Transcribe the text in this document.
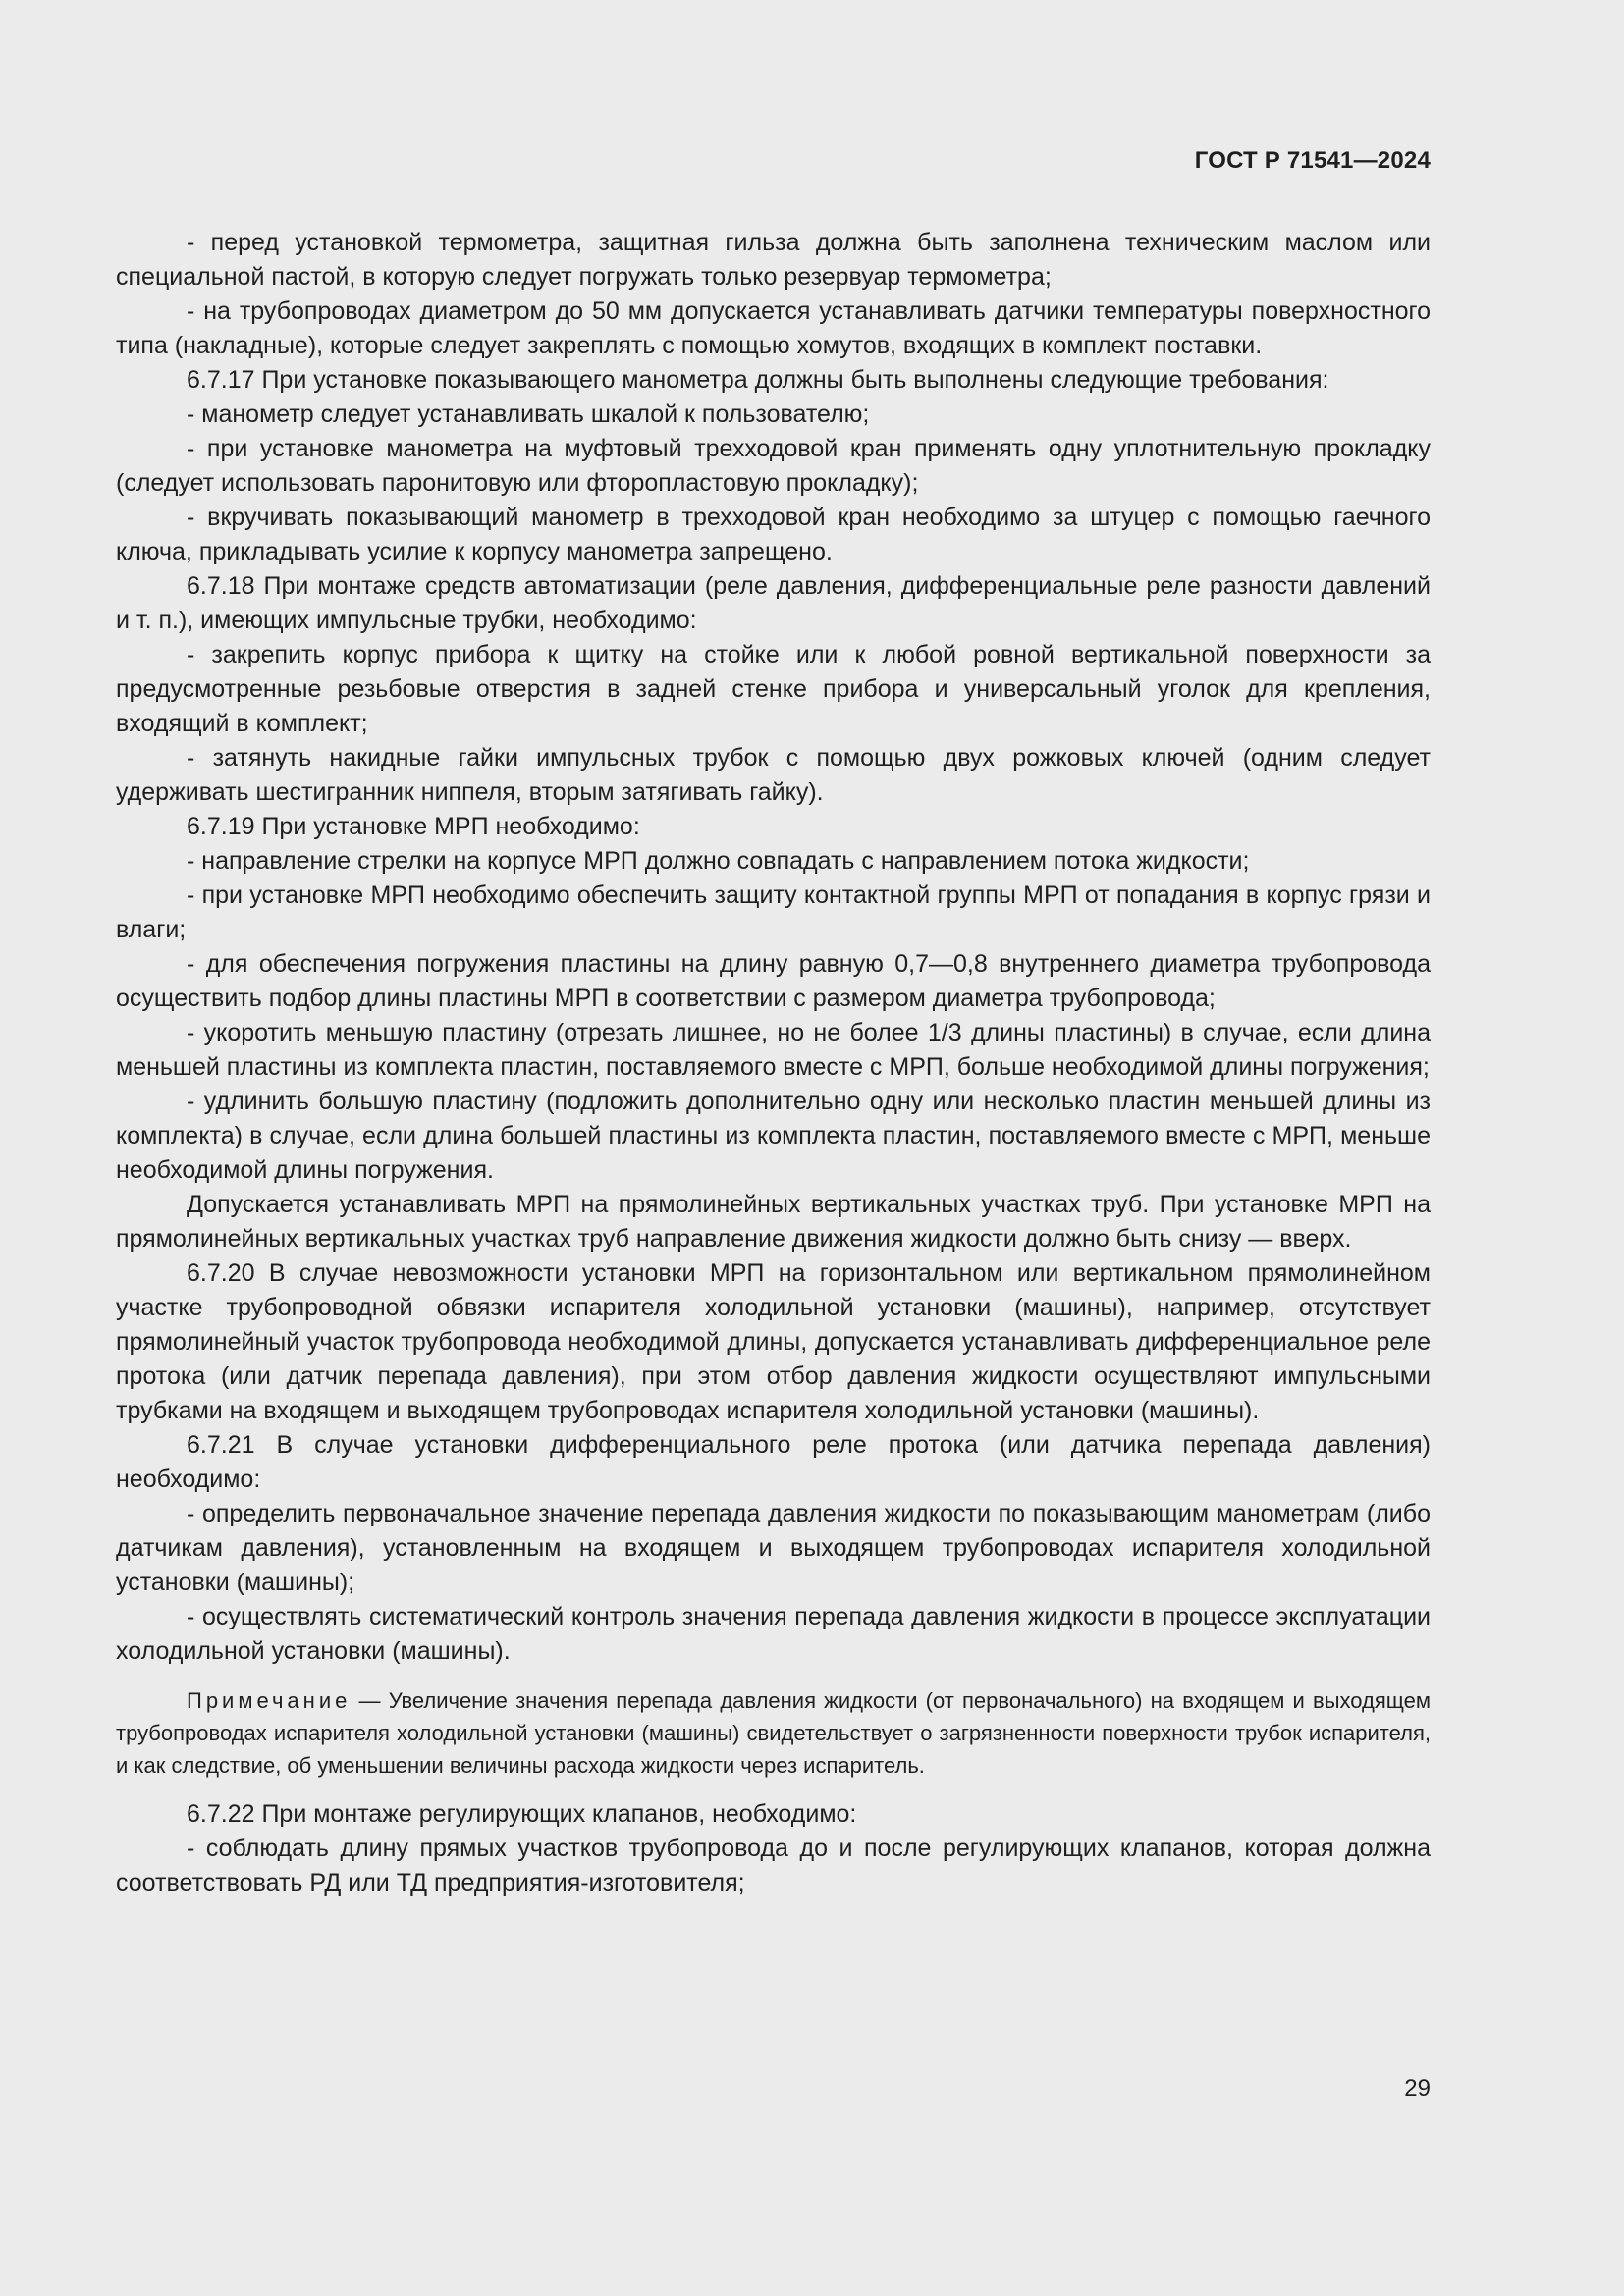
ГОСТ Р 71541—2024

- перед установкой термометра, защитная гильза должна быть заполнена техническим маслом или специальной пастой, в которую следует погружать только резервуар термометра;

- на трубопроводах диаметром до 50 мм допускается устанавливать датчики температуры поверхностного типа (накладные), которые следует закреплять с помощью хомутов, входящих в комплект поставки.

6.7.17 При установке показывающего манометра должны быть выполнены следующие требования:

- манометр следует устанавливать шкалой к пользователю;

- при установке манометра на муфтовый трехходовой кран применять одну уплотнительную прокладку (следует использовать паронитовую или фторопластовую прокладку);

- вкручивать показывающий манометр в трехходовой кран необходимо за штуцер с помощью гаечного ключа, прикладывать усилие к корпусу манометра запрещено.

6.7.18 При монтаже средств автоматизации (реле давления, дифференциальные реле разности давлений и т. п.), имеющих импульсные трубки, необходимо:

- закрепить корпус прибора к щитку на стойке или к любой ровной вертикальной поверхности за предусмотренные резьбовые отверстия в задней стенке прибора и универсальный уголок для крепления, входящий в комплект;

- затянуть накидные гайки импульсных трубок с помощью двух рожковых ключей (одним следует удерживать шестигранник ниппеля, вторым затягивать гайку).

6.7.19 При установке МРП необходимо:

- направление стрелки на корпусе МРП должно совпадать с направлением потока жидкости;

- при установке МРП необходимо обеспечить защиту контактной группы МРП от попадания в корпус грязи и влаги;

- для обеспечения погружения пластины на длину равную 0,7—0,8 внутреннего диаметра трубопровода осуществить подбор длины пластины МРП в соответствии с размером диаметра трубопровода;

- укоротить меньшую пластину (отрезать лишнее, но не более 1/3 длины пластины) в случае, если длина меньшей пластины из комплекта пластин, поставляемого вместе с МРП, больше необходимой длины погружения;

- удлинить большую пластину (подложить дополнительно одну или несколько пластин меньшей длины из комплекта) в случае, если длина большей пластины из комплекта пластин, поставляемого вместе с МРП, меньше необходимой длины погружения.

Допускается устанавливать МРП на прямолинейных вертикальных участках труб. При установке МРП на прямолинейных вертикальных участках труб направление движения жидкости должно быть снизу — вверх.

6.7.20 В случае невозможности установки МРП на горизонтальном или вертикальном прямолинейном участке трубопроводной обвязки испарителя холодильной установки (машины), например, отсутствует прямолинейный участок трубопровода необходимой длины, допускается устанавливать дифференциальное реле протока (или датчик перепада давления), при этом отбор давления жидкости осуществляют импульсными трубками на входящем и выходящем трубопроводах испарителя холодильной установки (машины).

6.7.21 В случае установки дифференциального реле протока (или датчика перепада давления) необходимо:

- определить первоначальное значение перепада давления жидкости по показывающим манометрам (либо датчикам давления), установленным на входящем и выходящем трубопроводах испарителя холодильной установки (машины);

- осуществлять систематический контроль значения перепада давления жидкости в процессе эксплуатации холодильной установки (машины).

Примечание — Увеличение значения перепада давления жидкости (от первоначального) на входящем и выходящем трубопроводах испарителя холодильной установки (машины) свидетельствует о загрязненности поверхности трубок испарителя, и как следствие, об уменьшении величины расхода жидкости через испаритель.

6.7.22 При монтаже регулирующих клапанов, необходимо:

- соблюдать длину прямых участков трубопровода до и после регулирующих клапанов, которая должна соответствовать РД или ТД предприятия-изготовителя;

29
